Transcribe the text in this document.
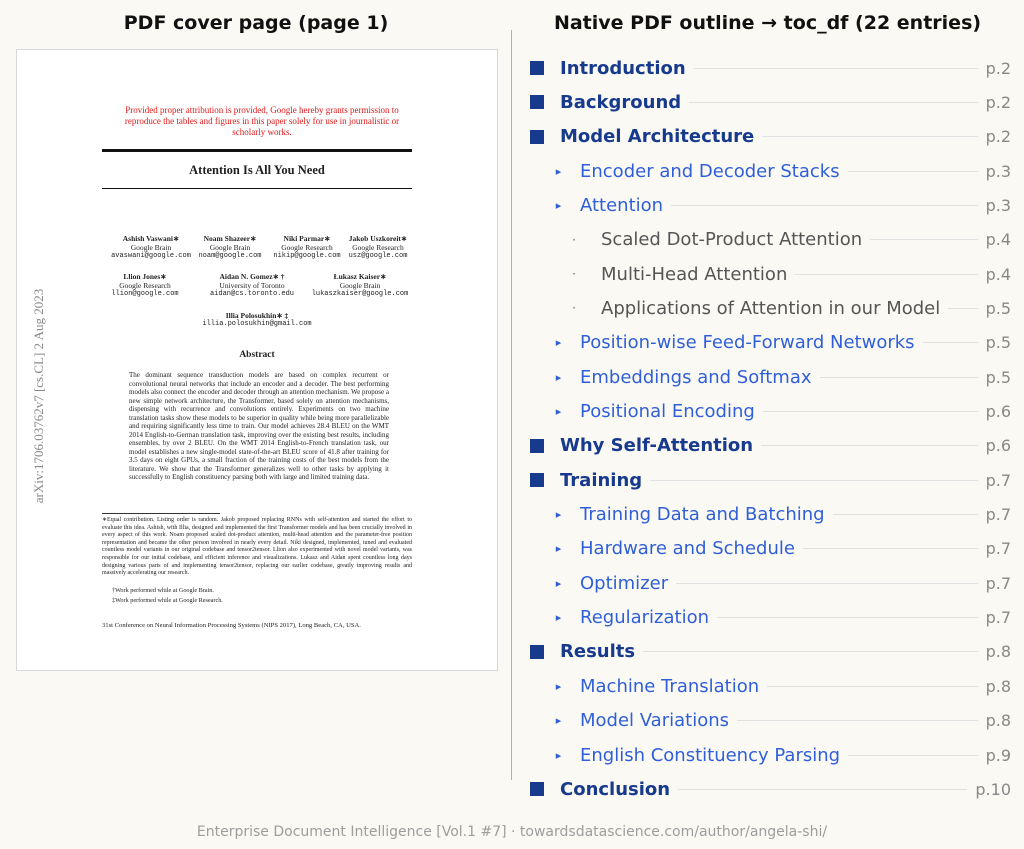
PDF cover page (page 1)	Native PDF outline → toc_df (22 entries)
arXiv:1706.03762v7 [cs.CL] 2 Aug 2023
Provided proper attribution is provided, Google hereby grants permission to reproduce the tables and figures in this paper solely for use in journalistic or scholarly works.
Attention Is All You Need
Ashish Vaswani∗
Google Brain
avaswani@google.com
Noam Shazeer∗
Google Brain
noam@google.com
Niki Parmar∗
Google Research
nikip@google.com
Jakob Uszkoreit∗
Google Research
usz@google.com
Llion Jones∗
Google Research
llion@google.com
Aidan N. Gomez∗ †
University of Toronto
aidan@cs.toronto.edu
Łukasz Kaiser∗
Google Brain
lukaszkaiser@google.com
Illia Polosukhin∗ ‡
illia.polosukhin@gmail.com
Abstract
The dominant sequence transduction models are based on complex recurrent or convolutional neural networks that include an encoder and a decoder. The best performing models also connect the encoder and decoder through an attention mechanism. We propose a new simple network architecture, the Transformer, based solely on attention mechanisms, dispensing with recurrence and convolutions entirely. Experiments on two machine translation tasks show these models to be superior in quality while being more parallelizable and requiring significantly less time to train. Our model achieves 28.4 BLEU on the WMT 2014 English-to-German translation task, improving over the existing best results, including ensembles, by over 2 BLEU. On the WMT 2014 English-to-French translation task, our model establishes a new single-model state-of-the-art BLEU score of 41.8 after training for 3.5 days on eight GPUs, a small fraction of the training costs of the best models from the literature. We show that the Transformer generalizes well to other tasks by applying it successfully to English constituency parsing both with large and limited training data.
∗Equal contribution. Listing order is random. Jakob proposed replacing RNNs with self-attention and started the effort to evaluate this idea. Ashish, with Illia, designed and implemented the first Transformer models and has been crucially involved in every aspect of this work. Noam proposed scaled dot-product attention, multi-head attention and the parameter-free position representation and became the other person involved in nearly every detail. Niki designed, implemented, tuned and evaluated countless model variants in our original codebase and tensor2tensor. Llion also experimented with novel model variants, was responsible for our initial codebase, and efficient inference and visualizations. Lukasz and Aidan spent countless long days designing various parts of and implementing tensor2tensor, replacing our earlier codebase, greatly improving results and massively accelerating our research.
†Work performed while at Google Brain.
‡Work performed while at Google Research.
31st Conference on Neural Information Processing Systems (NIPS 2017), Long Beach, CA, USA.
Introduction	p.2
Background	p.2
Model Architecture	p.2
▸ Encoder and Decoder Stacks	p.3
▸ Attention	p.3
· Scaled Dot-Product Attention	p.4
· Multi-Head Attention	p.4
· Applications of Attention in our Model	p.5
▸ Position-wise Feed-Forward Networks	p.5
▸ Embeddings and Softmax	p.5
▸ Positional Encoding	p.6
Why Self-Attention	p.6
Training	p.7
▸ Training Data and Batching	p.7
▸ Hardware and Schedule	p.7
▸ Optimizer	p.7
▸ Regularization	p.7
Results	p.8
▸ Machine Translation	p.8
▸ Model Variations	p.8
▸ English Constituency Parsing	p.9
Conclusion	p.10
Enterprise Document Intelligence [Vol.1 #7] · towardsdatascience.com/author/angela-shi/
